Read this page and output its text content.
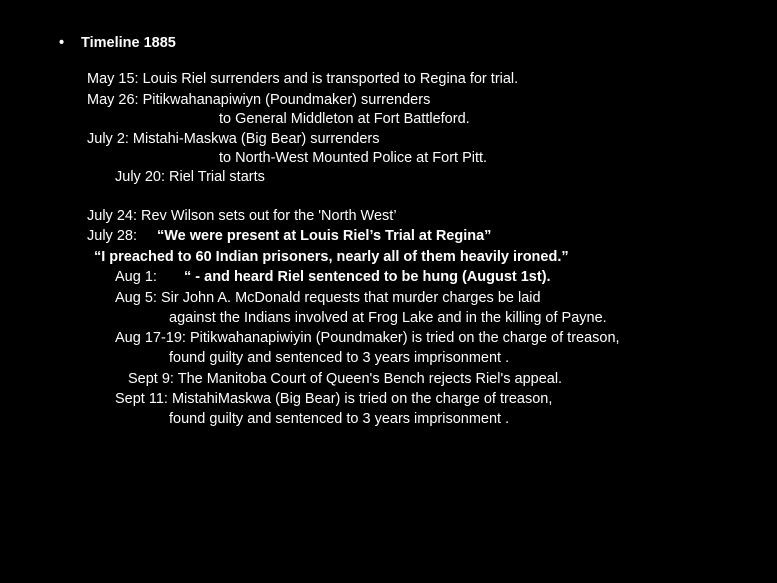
• Timeline 1885
May 15: Louis Riel surrenders and is transported to Regina for trial.
May 26: Pitikwahanapiwiyn (Poundmaker) surrenders
to General Middleton at Fort Battleford.
July 2: Mistahi-Maskwa (Big Bear) surrenders
to North-West Mounted Police at Fort Pitt.
July 20: Riel Trial starts
July 24: Rev Wilson sets out for the 'North West’
July 28: “We were present at Louis Riel’s Trial at Regina”
“I preached to 60 Indian prisoners, nearly all of them heavily ironed.”
Aug 1: “ - and heard Riel sentenced to be hung (August 1st).
Aug 5: Sir John A. McDonald requests that murder charges be laid
against the Indians involved at Frog Lake and in the killing of Payne.
Aug 17-19: Pitikwahanapiwiyin (Poundmaker) is tried on the charge of treason,
found guilty and sentenced to 3 years imprisonment .
Sept 9: The Manitoba Court of Queen's Bench rejects Riel's appeal.
Sept 11: MistahiMaskwa (Big Bear) is tried on the charge of treason,
found guilty and sentenced to 3 years imprisonment .
